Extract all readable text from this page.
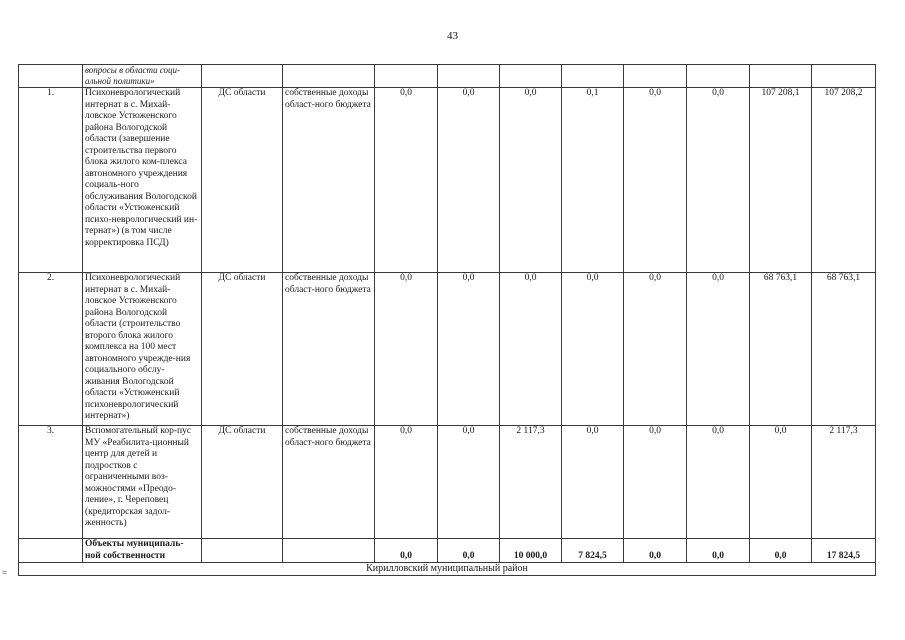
43
=
	вопросы в области соци-альной политики»										
1.	Психоневрологический интернат в с. Михай-ловское Устюженского района Вологодской области (завершение строительства первого блока жилого ком-плекса автономного учреждения социаль-ного обслуживания Вологодской области «Устюженский психо-неврологический ин-тернат») (в том числе корректировка ПСД)	ДС области	собственные доходы област-ного бюджета	0,0	0,0	0,0	0,1	0,0	0,0	107 208,1	107 208,2
2.	Психоневрологический интернат в с. Михай-ловское Устюженского района Вологодской области (строительство второго блока жилого комплекса на 100 мест автономного учрежде-ния социального обслу-живания Вологодской области «Устюженский психоневрологический интернат»)	ДС области	собственные доходы област-ного бюджета	0,0	0,0	0,0	0,0	0,0	0,0	68 763,1	68 763,1
3.	Вспомогательный кор-пус МУ «Реабилита-ционный центр для детей и подростков с ограниченными воз-можностями «Преодо-ление», г. Череповец (кредиторская задол-женность)	ДС области	собственные доходы област-ного бюджета	0,0	0,0	2 117,3	0,0	0,0	0,0	0,0	2 117,3
	Объекты муниципаль-ной собственности			0,0	0,0	10 000,0	7 824,5	0,0	0,0	0,0	17 824,5
Кирилловский муниципальный район											
